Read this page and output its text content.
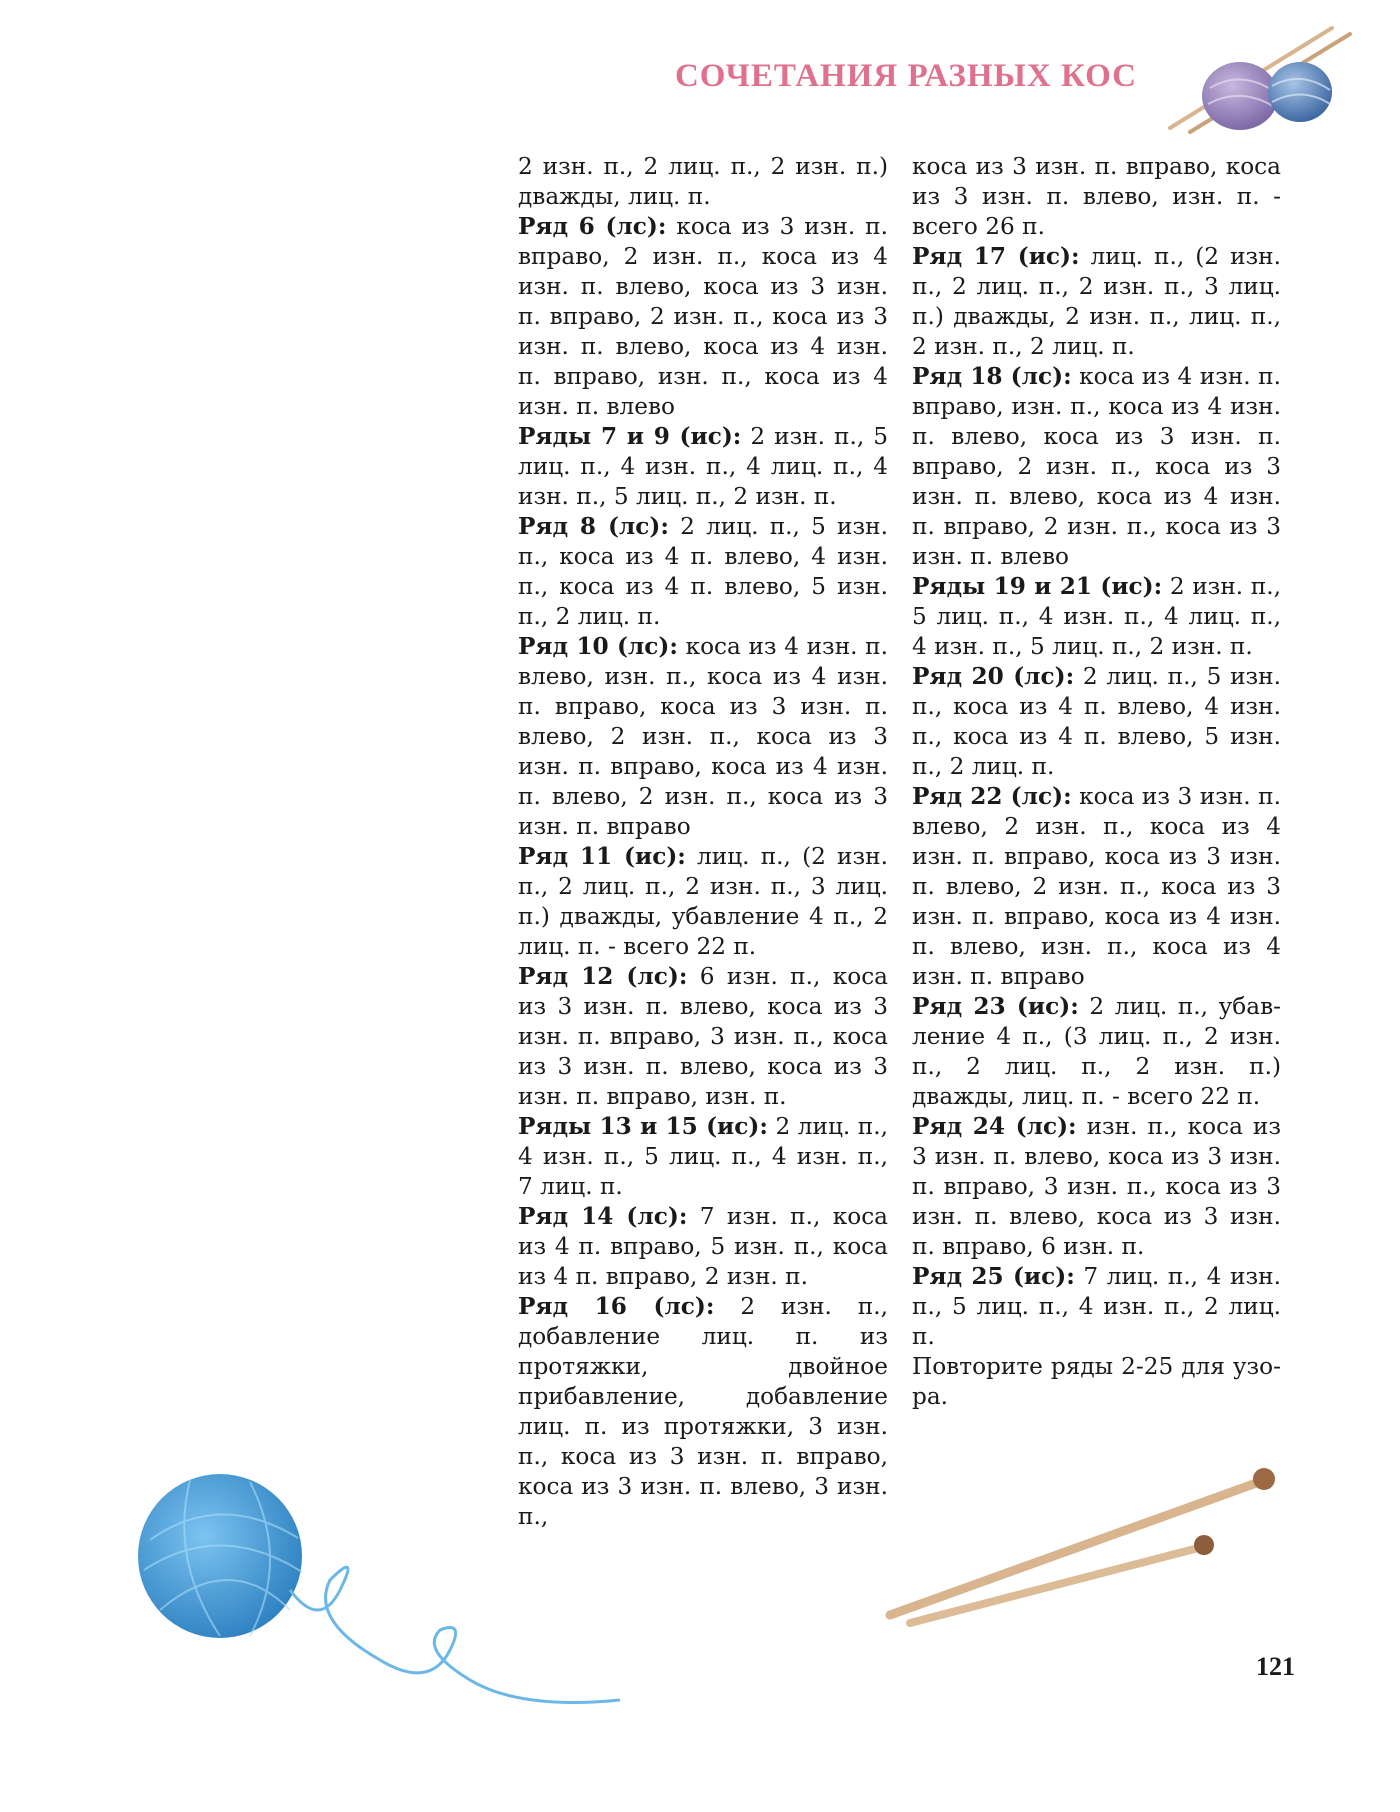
СОЧЕТАНИЯ РАЗНЫХ КОС

2 изн. п., 2 лиц. п., 2 изн. п.) дважды, лиц. п.

Ряд 6 (лс): коса из 3 изн. п. вправо, 2 изн. п., коса из 4 изн. п. влево, коса из 3 изн. п. вправо, 2 изн. п., коса из 3 изн. п. влево, коса из 4 изн. п. вправо, изн. п., коса из 4 изн. п. влево

Ряды 7 и 9 (ис): 2 изн. п., 5 лиц. п., 4 изн. п., 4 лиц. п., 4 изн. п., 5 лиц. п., 2 изн. п.

Ряд 8 (лс): 2 лиц. п., 5 изн. п., коса из 4 п. влево, 4 изн. п., коса из 4 п. влево, 5 изн. п., 2 лиц. п.

Ряд 10 (лс): коса из 4 изн. п. влево, изн. п., коса из 4 изн. п. вправо, коса из 3 изн. п. влево, 2 изн. п., коса из 3 изн. п. вправо, коса из 4 изн. п. влево, 2 изн. п., коса из 3 изн. п. вправо

Ряд 11 (ис): лиц. п., (2 изн. п., 2 лиц. п., 2 изн. п., 3 лиц. п.) дважды, убавление 4 п., 2 лиц. п. - всего 22 п.

Ряд 12 (лс): 6 изн. п., коса из 3 изн. п. влево, коса из 3 изн. п. вправо, 3 изн. п., коса из 3 изн. п. влево, коса из 3 изн. п. вправо, изн. п.

Ряды 13 и 15 (ис): 2 лиц. п., 4 изн. п., 5 лиц. п., 4 изн. п., 7 лиц. п.

Ряд 14 (лс): 7 изн. п., коса из 4 п. вправо, 5 изн. п., коса из 4 п. вправо, 2 изн. п.

Ряд 16 (лс): 2 изн. п., добавление лиц. п. из протяжки, двойное прибавление, добавление лиц. п. из протяжки, 3 изн. п., коса из 3 изн. п. вправо, коса из 3 изн. п. влево, 3 изн. п.,

коса из 3 изн. п. вправо, коса из 3 изн. п. влево, изн. п. - всего 26 п.

Ряд 17 (ис): лиц. п., (2 изн. п., 2 лиц. п., 2 изн. п., 3 лиц. п.) дважды, 2 изн. п., лиц. п., 2 изн. п., 2 лиц. п.

Ряд 18 (лс): коса из 4 изн. п. вправо, изн. п., коса из 4 изн. п. влево, коса из 3 изн. п. вправо, 2 изн. п., коса из 3 изн. п. влево, коса из 4 изн. п. вправо, 2 изн. п., коса из 3 изн. п. влево

Ряды 19 и 21 (ис): 2 изн. п., 5 лиц. п., 4 изн. п., 4 лиц. п., 4 изн. п., 5 лиц. п., 2 изн. п.

Ряд 20 (лс): 2 лиц. п., 5 изн. п., коса из 4 п. влево, 4 изн. п., коса из 4 п. влево, 5 изн. п., 2 лиц. п.

Ряд 22 (лс): коса из 3 изн. п. влево, 2 изн. п., коса из 4 изн. п. вправо, коса из 3 изн. п. влево, 2 изн. п., коса из 3 изн. п. вправо, коса из 4 изн. п. влево, изн. п., коса из 4 изн. п. вправо

Ряд 23 (ис): 2 лиц. п., убавление 4 п., (3 лиц. п., 2 изн. п., 2 лиц. п., 2 изн. п.) дважды, лиц. п. - всего 22 п.

Ряд 24 (лс): изн. п., коса из 3 изн. п. влево, коса из 3 изн. п. вправо, 3 изн. п., коса из 3 изн. п. влево, коса из 3 изн. п. вправо, 6 изн. п.

Ряд 25 (ис): 7 лиц. п., 4 изн. п., 5 лиц. п., 4 изн. п., 2 лиц. п.

Повторите ряды 2-25 для узора.

121
